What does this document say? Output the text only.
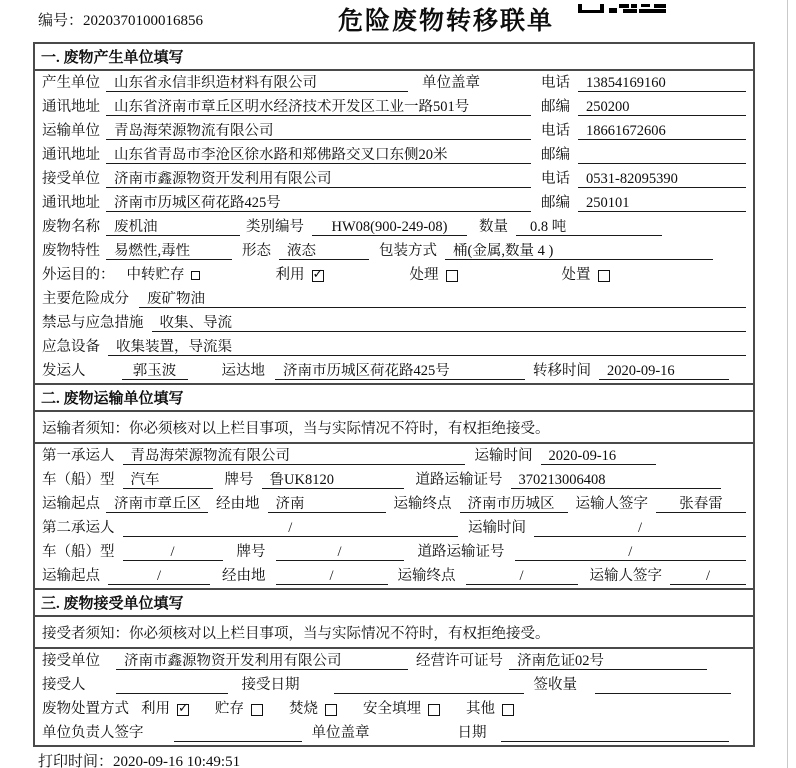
编号：2020370100016856	危险废物转移联单
一. 废物产生单位填写
产生单位 山东省永信非织造材料有限公司	单位盖章	电话	13854169160
通讯地址 山东省济南市章丘区明水经济技术开发区工业一路501号	邮编	250200
运输单位 青岛海荣源物流有限公司	电话	18661672606
通讯地址 山东省青岛市李沧区徐水路和郑佛路交叉口东侧20米	邮编
接受单位 济南市鑫源物资开发利用有限公司	电话	0531-82095390
通讯地址 济南市历城区荷花路425号	邮编	250101
废物名称 废机油	类别编号	HW08(900-249-08)	数量	0.8 吨
废物特性 易燃性,毒性	形态	液态	包装方式	桶(金属,数量 4 )
外运目的： 中转贮存	利用 ✓	处理	处置
主要危险成分	废矿物油
禁忌与应急措施	收集、导流
应急设备	收集装置，导流渠
发运人	郭玉波	运达地	济南市历城区荷花路425号	转移时间	2020-09-16
二. 废物运输单位填写
运输者须知：你必须核对以上栏目事项，当与实际情况不符时，有权拒绝接受。
第一承运人	青岛海荣源物流有限公司	运输时间	2020-09-16
车（船）型	汽车	牌号	鲁UK8120	道路运输证号	370213006408
运输起点 济南市章丘区	经由地	济南	运输终点	济南市历城区	运输人签字	张春雷
第二承运人	/	运输时间	/
车（船）型	/	牌号	/	道路运输证号	/
运输起点	/	经由地	/	运输终点	/	运输人签字	/
三. 废物接受单位填写
接受者须知：你必须核对以上栏目事项，当与实际情况不符时，有权拒绝接受。
接受单位	济南市鑫源物资开发利用有限公司	经营许可证号 济南危证02号
接受人	接受日期	签收量
废物处置方式 利用 ✓	贮存	焚烧	安全填埋	其他
单位负责人签字	单位盖章	日期
打印时间：2020-09-16 10:49:51
